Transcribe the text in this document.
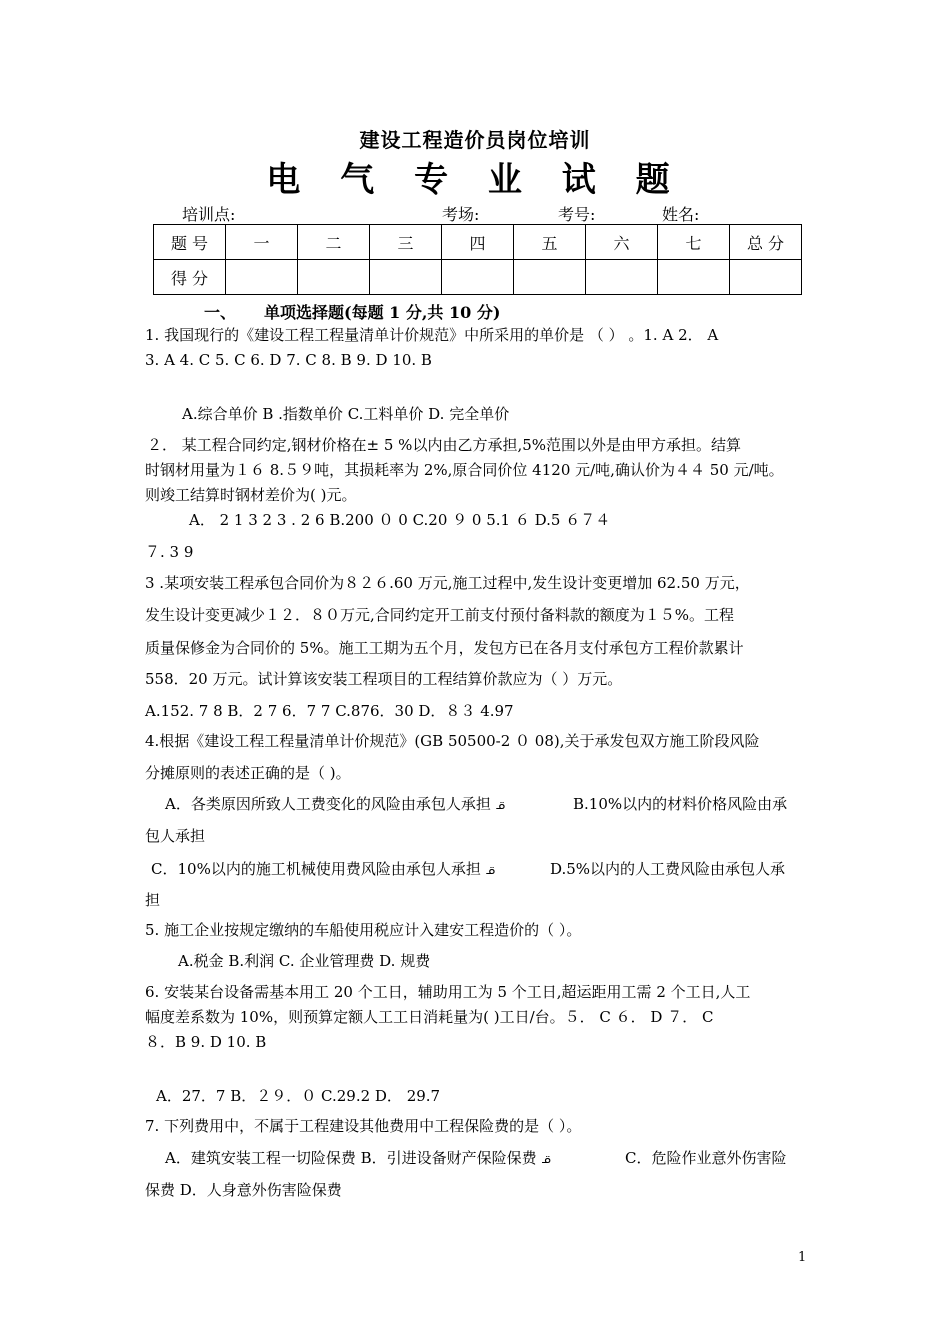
建设工程造价员岗位培训
电 气 专 业 试 题
培训点:	考场:	考号:	姓名:
题 号	一	二	三	四	五	六	七	总 分
得 分								
一、 单项选择题(每题 1 分,共 10 分)
1. 我国现行的《建设工程工程量清单计价规范》中所采用的单价是 （ ） 。1. A 2． A
3. A 4. C 5. C 6. D 7. C 8. B 9. D 10. B
A.综合单价 B .指数单价 C.工料单价 D. 完全单价
２． 某工程合同约定,钢材价格在± 5 %以内由乙方承担,5%范围以外是由甲方承担。结算
时钢材用量为１６ 8.５９吨，其损耗率为 2%,原合同价位 4120 元/吨,确认价为４４ 50 元/吨。
则竣工结算时钢材差价为( )元。
A． 2 1 3 2 3 . 2 6 B.200 ０ 0 C.20 ９ 0 5.1 ６ D.5 ６７４
７. 3 9
3 .某项安装工程承包合同价为８２６.60 万元,施工过程中,发生设计变更增加 62.50 万元，
发生设计变更减少１２．８０万元,合同约定开工前支付预付备料款的额度为１５%。工程
质量保修金为合同价的 5%。施工工期为五个月，发包方已在各月支付承包方工程价款累计
558．20 万元。试计算该安装工程项目的工程结算价款应为（ ）万元。
A.152. 7 8 B．2 7 6．7 7 C.876．30 D．８３ 4.97
4.根据《建设工程工程量清单计价规范》(GB 50500-2 ０ 08),关于承发包双方施工阶段风险
分摊原则的表述正确的是（ )。
A．各类原因所致人工费变化的风险由承包人承担 ᓆ	B.10%以内的材料价格风险由承
包人承担
C．10%以内的施工机械使用费风险由承包人承担 ᓆ	D.5%以内的人工费风险由承包人承
担
5. 施工企业按规定缴纳的车船使用税应计入建安工程造价的（ ）。
A.税金 B.利润 C. 企业管理费 D. 规费
6. 安装某台设备需基本用工 20 个工日，辅助用工为 5 个工日,超运距用工需 2 个工日,人工
幅度差系数为 10%，则预算定额人工工日消耗量为( )工日/台。５． C ６． D ７． C
８．B 9. D 10. B
A．27．7 B．２９．０ C.29.2 D． 29.7
7. 下列费用中，不属于工程建设其他费用中工程保险费的是（ ）。
A．建筑安装工程一切险保费 B．引进设备财产保险保费 ᓆ	C．危险作业意外伤害险
保费 D．人身意外伤害险保费
1
